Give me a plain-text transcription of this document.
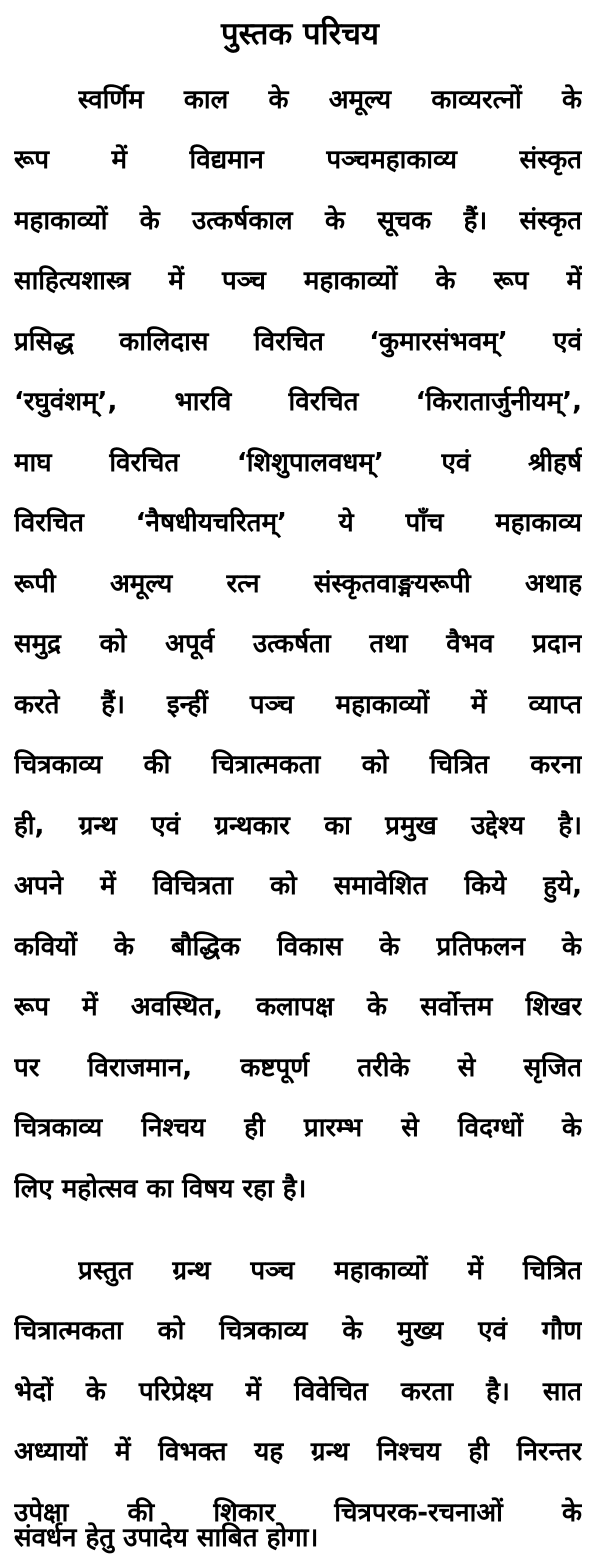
पुस्तक परिचय
स्वर्णिम काल के अमूल्य काव्यरत्नों के
रूप में विद्यमान पञ्चमहाकाव्य संस्कृत
महाकाव्यों के उत्कर्षकाल के सूचक हैं। संस्कृत
साहित्यशास्त्र में पञ्च महाकाव्यों के रूप में
प्रसिद्ध कालिदास विरचित ‘कुमारसंभवम्’ एवं
‘रघुवंशम्’, भारवि विरचित ‘किरातार्जुनीयम्’,
माघ विरचित ‘शिशुपालवधम्’ एवं श्रीहर्ष
विरचित ‘नैषधीयचरितम्’ ये पाँच महाकाव्य
रूपी अमूल्य रत्न संस्कृतवाङ्मयरूपी अथाह
समुद्र को अपूर्व उत्कर्षता तथा वैभव प्रदान
करते हैं। इन्हीं पञ्च महाकाव्यों में व्याप्त
चित्रकाव्य की चित्रात्मकता को चित्रित करना
ही, ग्रन्थ एवं ग्रन्थकार का प्रमुख उद्देश्य है।
अपने में विचित्रता को समावेशित किये हुये,
कवियों के बौद्धिक विकास के प्रतिफलन के
रूप में अवस्थित, कलापक्ष के सर्वोत्तम शिखर
पर विराजमान, कष्टपूर्ण तरीके से सृजित
चित्रकाव्य निश्चय ही प्रारम्भ से विदग्धों के
लिए महोत्सव का विषय रहा है।
प्रस्तुत ग्रन्थ पञ्च महाकाव्यों में चित्रित
चित्रात्मकता को चित्रकाव्य के मुख्य एवं गौण
भेदों के परिप्रेक्ष्य में विवेचित करता है। सात
अध्यायों में विभक्त यह ग्रन्थ निश्चय ही निरन्तर
उपेक्षा की शिकार चित्रपरक-रचनाओं के
संवर्धन हेतु उपादेय साबित होगा।
